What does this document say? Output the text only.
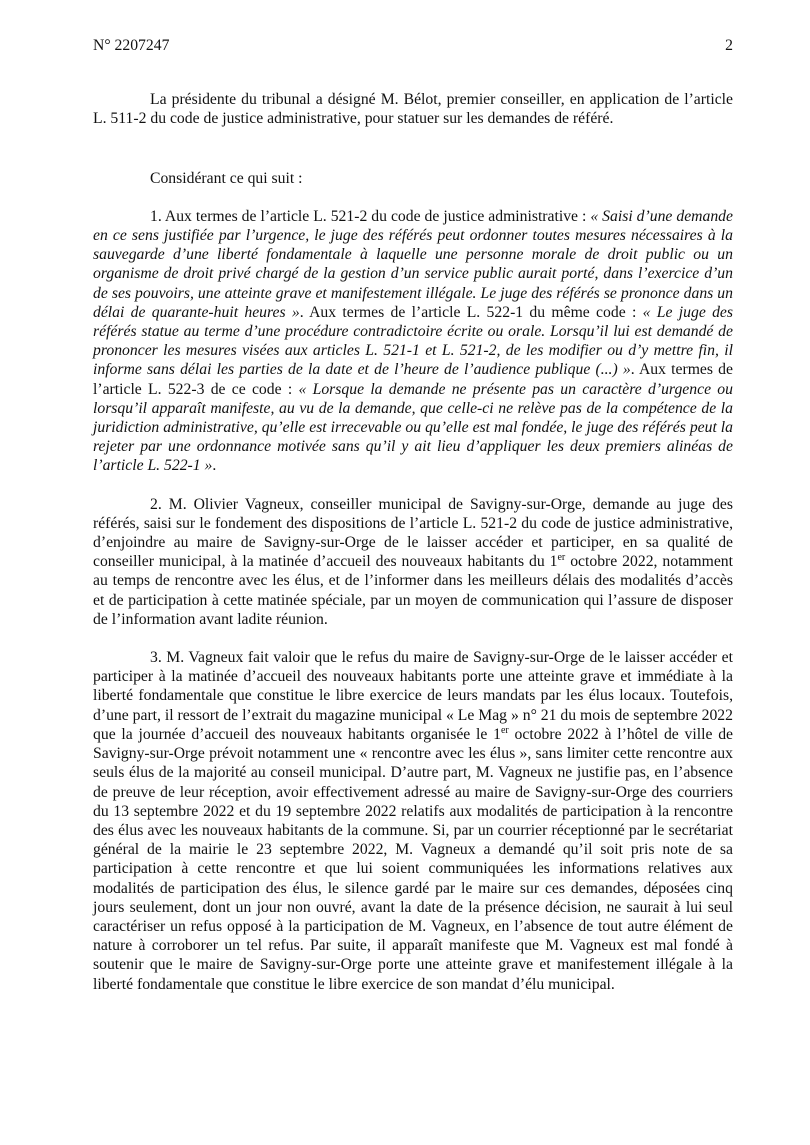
N° 2207247	2

La présidente du tribunal a désigné M. Bélot, premier conseiller, en application de l’article L. 511-2 du code de justice administrative, pour statuer sur les demandes de référé.

Considérant ce qui suit :

1. Aux termes de l’article L. 521-2 du code de justice administrative : « Saisi d’une demande en ce sens justifiée par l’urgence, le juge des référés peut ordonner toutes mesures nécessaires à la sauvegarde d’une liberté fondamentale à laquelle une personne morale de droit public ou un organisme de droit privé chargé de la gestion d’un service public aurait porté, dans l’exercice d’un de ses pouvoirs, une atteinte grave et manifestement illégale. Le juge des référés se prononce dans un délai de quarante-huit heures ». Aux termes de l’article L. 522-1 du même code : « Le juge des référés statue au terme d’une procédure contradictoire écrite ou orale. Lorsqu’il lui est demandé de prononcer les mesures visées aux articles L. 521-1 et L. 521-2, de les modifier ou d’y mettre fin, il informe sans délai les parties de la date et de l’heure de l’audience publique (...) ». Aux termes de l’article L. 522-3 de ce code : « Lorsque la demande ne présente pas un caractère d’urgence ou lorsqu’il apparaît manifeste, au vu de la demande, que celle-ci ne relève pas de la compétence de la juridiction administrative, qu’elle est irrecevable ou qu’elle est mal fondée, le juge des référés peut la rejeter par une ordonnance motivée sans qu’il y ait lieu d’appliquer les deux premiers alinéas de l’article L. 522-1 ».

2. M. Olivier Vagneux, conseiller municipal de Savigny-sur-Orge, demande au juge des référés, saisi sur le fondement des dispositions de l’article L. 521-2 du code de justice administrative, d’enjoindre au maire de Savigny-sur-Orge de le laisser accéder et participer, en sa qualité de conseiller municipal, à la matinée d’accueil des nouveaux habitants du 1er octobre 2022, notamment au temps de rencontre avec les élus, et de l’informer dans les meilleurs délais des modalités d’accès et de participation à cette matinée spéciale, par un moyen de communication qui l’assure de disposer de l’information avant ladite réunion.

3. M. Vagneux fait valoir que le refus du maire de Savigny-sur-Orge de le laisser accéder et participer à la matinée d’accueil des nouveaux habitants porte une atteinte grave et immédiate à la liberté fondamentale que constitue le libre exercice de leurs mandats par les élus locaux. Toutefois, d’une part, il ressort de l’extrait du magazine municipal « Le Mag » n° 21 du mois de septembre 2022 que la journée d’accueil des nouveaux habitants organisée le 1er octobre 2022 à l’hôtel de ville de Savigny-sur-Orge prévoit notamment une « rencontre avec les élus », sans limiter cette rencontre aux seuls élus de la majorité au conseil municipal. D’autre part, M. Vagneux ne justifie pas, en l’absence de preuve de leur réception, avoir effectivement adressé au maire de Savigny-sur-Orge des courriers du 13 septembre 2022 et du 19 septembre 2022 relatifs aux modalités de participation à la rencontre des élus avec les nouveaux habitants de la commune. Si, par un courrier réceptionné par le secrétariat général de la mairie le 23 septembre 2022, M. Vagneux a demandé qu’il soit pris note de sa participation à cette rencontre et que lui soient communiquées les informations relatives aux modalités de participation des élus, le silence gardé par le maire sur ces demandes, déposées cinq jours seulement, dont un jour non ouvré, avant la date de la présence décision, ne saurait à lui seul caractériser un refus opposé à la participation de M. Vagneux, en l’absence de tout autre élément de nature à corroborer un tel refus. Par suite, il apparaît manifeste que M. Vagneux est mal fondé à soutenir que le maire de Savigny-sur-Orge porte une atteinte grave et manifestement illégale à la liberté fondamentale que constitue le libre exercice de son mandat d’élu municipal.
